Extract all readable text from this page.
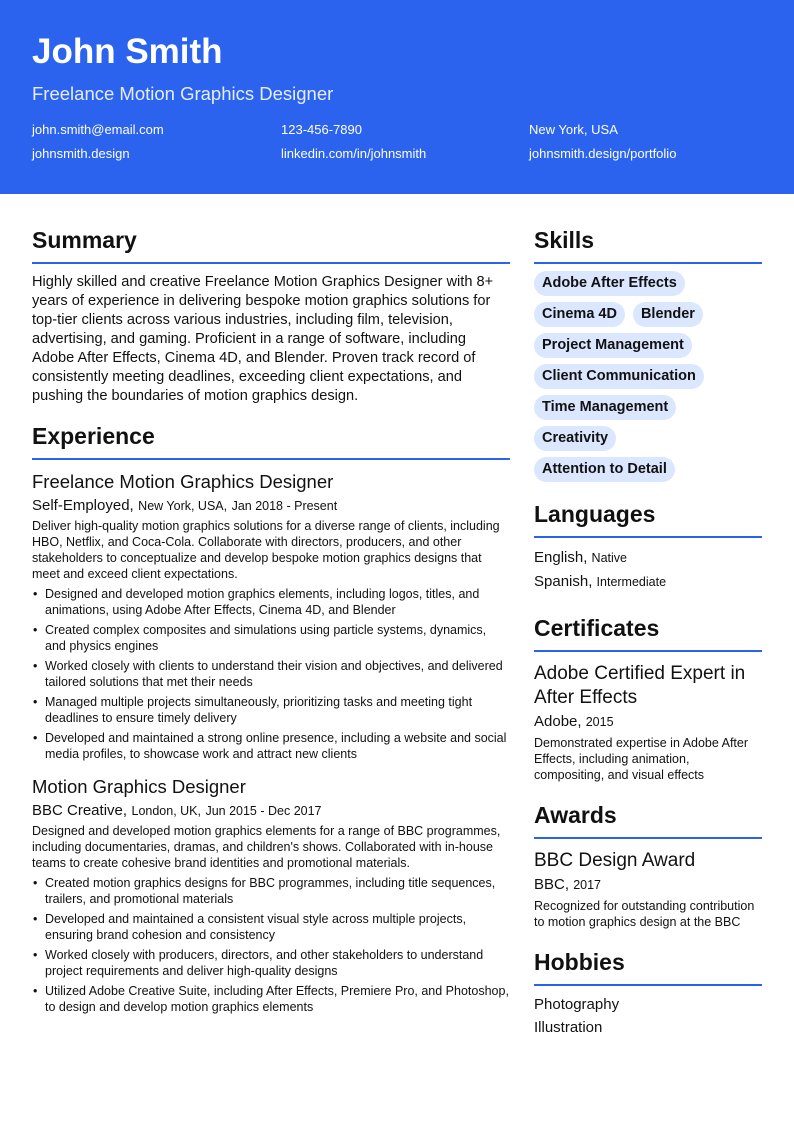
John Smith
Freelance Motion Graphics Designer
john.smith@email.com	123-456-7890	New York, USA
johnsmith.design	linkedin.com/in/johnsmith	johnsmith.design/portfolio
Summary

Highly skilled and creative Freelance Motion Graphics Designer with 8+ years of experience in delivering bespoke motion graphics solutions for top-tier clients across various industries, including film, television, advertising, and gaming. Proficient in a range of software, including Adobe After Effects, Cinema 4D, and Blender. Proven track record of consistently meeting deadlines, exceeding client expectations, and pushing the boundaries of motion graphics design.

Experience
Freelance Motion Graphics Designer
Self-Employed, New York, USA, Jan 2018 - Present

Deliver high-quality motion graphics solutions for a diverse range of clients, including HBO, Netflix, and Coca-Cola. Collaborate with directors, producers, and other stakeholders to conceptualize and develop bespoke motion graphics designs that meet and exceed client expectations.

• Designed and developed motion graphics elements, including logos, titles, and animations, using Adobe After Effects, Cinema 4D, and Blender
• Created complex composites and simulations using particle systems, dynamics, and physics engines
• Worked closely with clients to understand their vision and objectives, and delivered tailored solutions that met their needs
• Managed multiple projects simultaneously, prioritizing tasks and meeting tight deadlines to ensure timely delivery
• Developed and maintained a strong online presence, including a website and social media profiles, to showcase work and attract new clients
Motion Graphics Designer
BBC Creative, London, UK, Jun 2015 - Dec 2017

Designed and developed motion graphics elements for a range of BBC programmes, including documentaries, dramas, and children's shows. Collaborated with in-house teams to create cohesive brand identities and promotional materials.

• Created motion graphics designs for BBC programmes, including title sequences, trailers, and promotional materials
• Developed and maintained a consistent visual style across multiple projects, ensuring brand cohesion and consistency
• Worked closely with producers, directors, and other stakeholders to understand project requirements and deliver high-quality designs
• Utilized Adobe Creative Suite, including After Effects, Premiere Pro, and Photoshop, to design and develop motion graphics elements
Skills
Adobe After Effects
Cinema 4D	Blender
Project Management
Client Communication
Time Management
Creativity
Attention to Detail
Languages
English, Native
Spanish, Intermediate
Certificates
Adobe Certified Expert in After Effects
Adobe, 2015

Demonstrated expertise in Adobe After Effects, including animation, compositing, and visual effects

Awards
BBC Design Award
BBC, 2017

Recognized for outstanding contribution to motion graphics design at the BBC

Hobbies
Photography
Illustration
